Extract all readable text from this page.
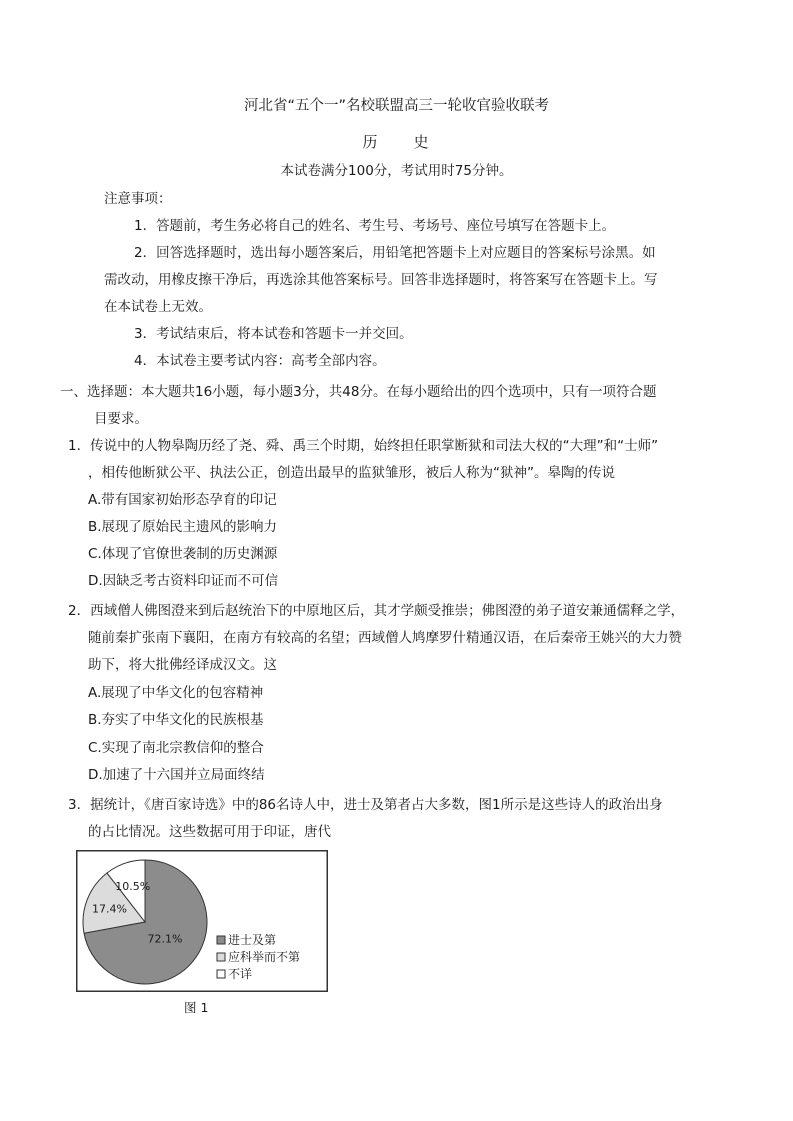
河北省“五个一”名校联盟高三一轮收官验收联考
历　　史
本试卷满分100分，考试用时75分钟。
注意事项：
1．答题前，考生务必将自己的姓名、考生号、考场号、座位号填写在答题卡上。
2．回答选择题时，选出每小题答案后，用铅笔把答题卡上对应题目的答案标号涂黑。如
需改动，用橡皮擦干净后，再选涂其他答案标号。回答非选择题时，将答案写在答题卡上。写
在本试卷上无效。
3．考试结束后，将本试卷和答题卡一并交回。
4．本试卷主要考试内容：高考全部内容。
一、选择题：本大题共16小题，每小题3分，共48分。在每小题给出的四个选项中，只有一项符合题
目要求。
1．传说中的人物皋陶历经了尧、舜、禹三个时期，始终担任职掌断狱和司法大权的“大理”和“士师”
，相传他断狱公平、执法公正，创造出最早的监狱雏形，被后人称为“狱神”。皋陶的传说
A.带有国家初始形态孕育的印记
B.展现了原始民主遗风的影响力
C.体现了官僚世袭制的历史渊源
D.因缺乏考古资料印证而不可信
2．西域僧人佛图澄来到后赵统治下的中原地区后，其才学颇受推崇；佛图澄的弟子道安兼通儒释之学，
随前秦扩张南下襄阳，在南方有较高的名望；西域僧人鸠摩罗什精通汉语，在后秦帝王姚兴的大力赞
助下，将大批佛经译成汉文。这
A.展现了中华文化的包容精神
B.夯实了中华文化的民族根基
C.实现了南北宗教信仰的整合
D.加速了十六国并立局面终结
3．据统计，《唐百家诗选》中的86名诗人中，进士及第者占大多数，图1所示是这些诗人的政治出身
的占比情况。这些数据可用于印证，唐代
72.1%
17.4%
10.5%
进士及第
应科举而不第
不详
图 1
